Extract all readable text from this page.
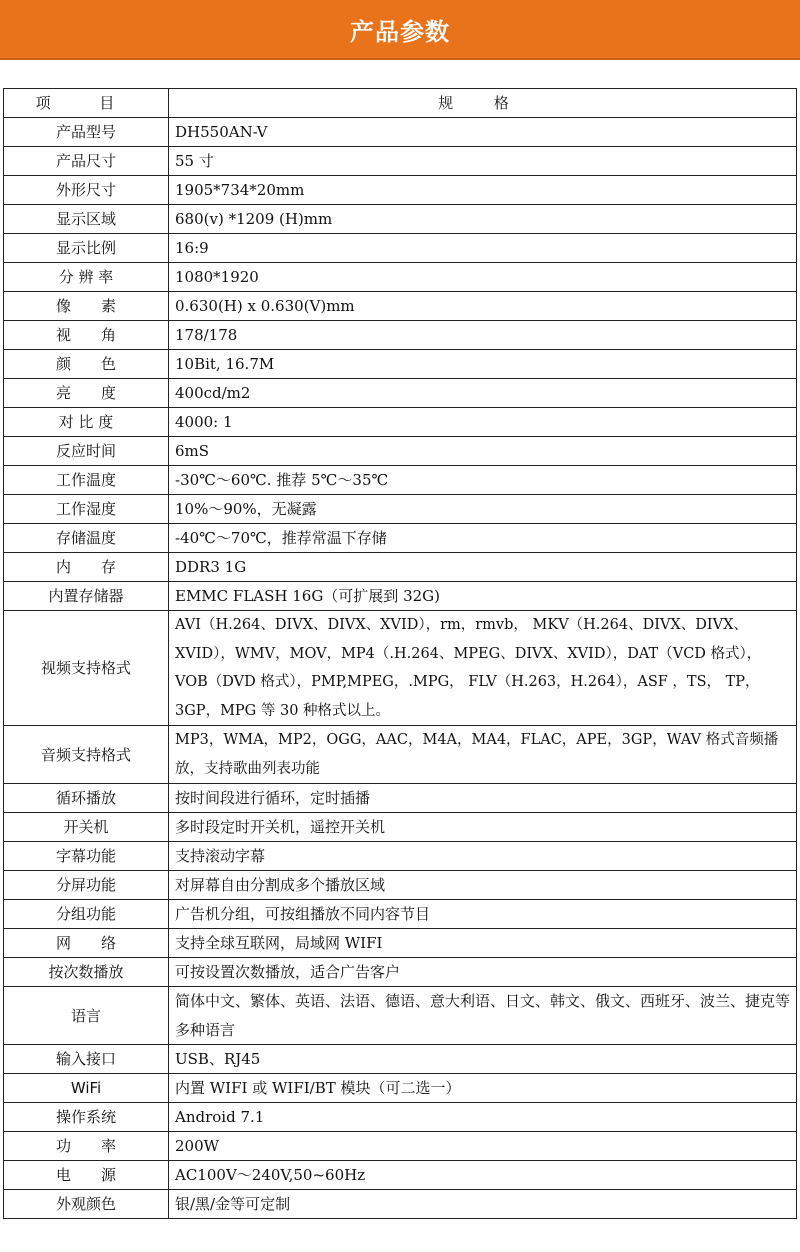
产品参数
项 目	规 格
产品型号	DH550AN-V
产品尺寸	55 寸
外形尺寸	1905*734*20mm
显示区域	680(v) *1209 (H)mm
显示比例	16:9
分 辨 率	1080*1920
像　　素	0.630(H) x 0.630(V)mm
视　　角	178/178
颜　　色	10Bit, 16.7M
亮　　度	400cd/m2
对 比 度	4000: 1
反应时间	6mS
工作温度	-30℃～60℃. 推荐 5℃～35℃
工作湿度	10%～90%，无凝露
存储温度	-40℃～70℃，推荐常温下存储
内　　存	DDR3 1G
内置存储器	EMMC FLASH 16G（可扩展到 32G)
视频支持格式	AVI（H.264、DIVX、DIVX、XVID），rm，rmvb， MKV（H.264、DIVX、DIVX、XVID），WMV，MOV，MP4（.H.264、MPEG、DIVX、XVID），DAT（VCD 格式），VOB（DVD 格式），PMP,MPEG，.MPG， FLV（H.263，H.264），ASF ，TS， TP，3GP，MPG 等 30 种格式以上。
音频支持格式	MP3，WMA，MP2，OGG，AAC，M4A，MA4，FLAC，APE，3GP，WAV 格式音频播放，支持歌曲列表功能
循环播放	按时间段进行循环，定时插播
开关机	多时段定时开关机，遥控开关机
字幕功能	支持滚动字幕
分屏功能	对屏幕自由分割成多个播放区域
分组功能	广告机分组，可按组播放不同内容节目
网　　络	支持全球互联网，局域网 WIFI
按次数播放	可按设置次数播放，适合广告客户
语言	简体中文、繁体、英语、法语、德语、意大利语、日文、韩文、俄文、西班牙、波兰、捷克等多种语言
输入接口	USB、RJ45
WiFi	内置 WIFI 或 WIFI/BT 模块（可二选一）
操作系统	Android 7.1
功　　率	200W
电　　源	AC100V～240V,50~60Hz
外观颜色	银/黑/金等可定制
